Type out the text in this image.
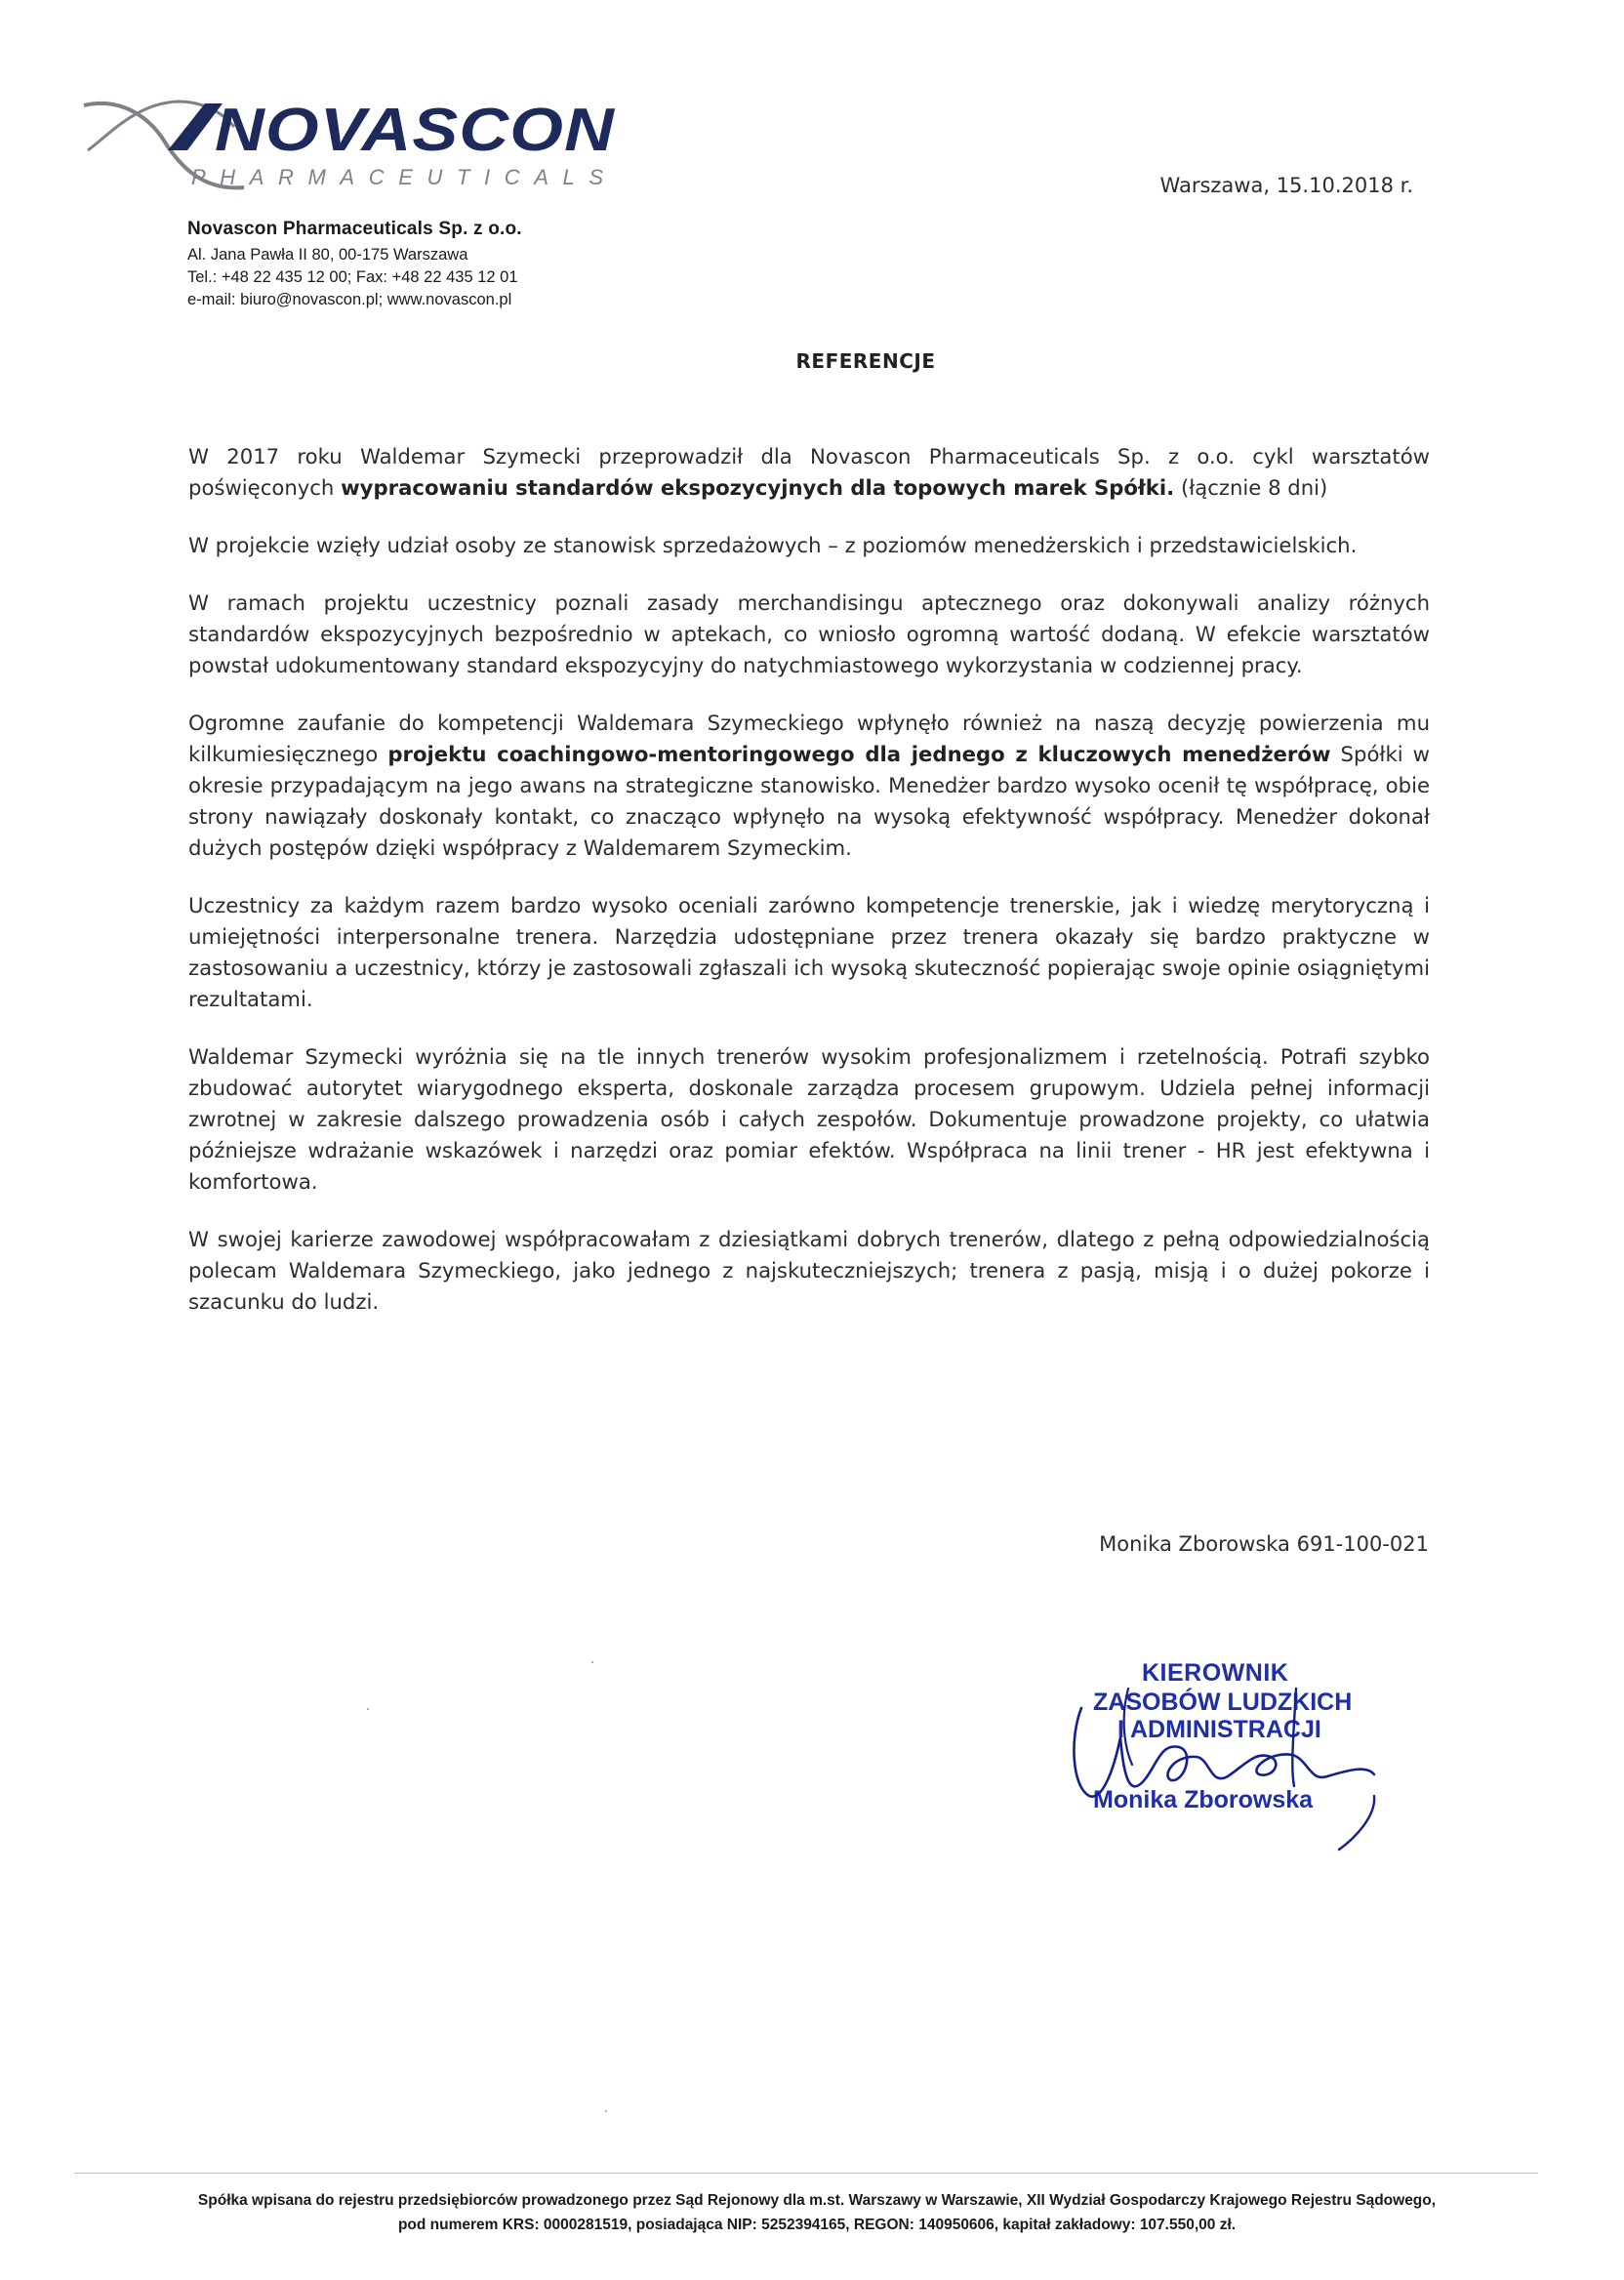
NOVASCON
PHARMACEUTICALS
Novascon Pharmaceuticals Sp. z o.o.
Al. Jana Pawła II 80, 00-175 Warszawa
Tel.: +48 22 435 12 00; Fax: +48 22 435 12 01
e-mail: biuro@novascon.pl; www.novascon.pl
Warszawa, 15.10.2018 r.
REFERENCJE

W 2017 roku Waldemar Szymecki przeprowadził dla Novascon Pharmaceuticals Sp. z o.o. cykl warsztatów poświęconych wypracowaniu standardów ekspozycyjnych dla topowych marek Spółki. (łącznie 8 dni)

W projekcie wzięły udział osoby ze stanowisk sprzedażowych – z poziomów menedżerskich i przedstawicielskich.

W ramach projektu uczestnicy poznali zasady merchandisingu aptecznego oraz dokonywali analizy różnych standardów ekspozycyjnych bezpośrednio w aptekach, co wniosło ogromną wartość dodaną. W efekcie warsztatów powstał udokumentowany standard ekspozycyjny do natychmiastowego wykorzystania w codziennej pracy.

Ogromne zaufanie do kompetencji Waldemara Szymeckiego wpłynęło również na naszą decyzję powierzenia mu kilkumiesięcznego projektu coachingowo-mentoringowego dla jednego z kluczowych menedżerów Spółki w okresie przypadającym na jego awans na strategiczne stanowisko. Menedżer bardzo wysoko ocenił tę współpracę, obie strony nawiązały doskonały kontakt, co znacząco wpłynęło na wysoką efektywność współpracy. Menedżer dokonał dużych postępów dzięki współpracy z Waldemarem Szymeckim.

Uczestnicy za każdym razem bardzo wysoko oceniali zarówno kompetencje trenerskie, jak i wiedzę merytoryczną i umiejętności interpersonalne trenera. Narzędzia udostępniane przez trenera okazały się bardzo praktyczne w zastosowaniu a uczestnicy, którzy je zastosowali zgłaszali ich wysoką skuteczność popierając swoje opinie osiągniętymi rezultatami.

Waldemar Szymecki wyróżnia się na tle innych trenerów wysokim profesjonalizmem i rzetelnością. Potrafi szybko zbudować autorytet wiarygodnego eksperta, doskonale zarządza procesem grupowym. Udziela pełnej informacji zwrotnej w zakresie dalszego prowadzenia osób i całych zespołów. Dokumentuje prowadzone projekty, co ułatwia późniejsze wdrażanie wskazówek i narzędzi oraz pomiar efektów. Współpraca na linii trener - HR jest efektywna i komfortowa.

W swojej karierze zawodowej współpracowałam z dziesiątkami dobrych trenerów, dlatego z pełną odpowiedzialnością polecam Waldemara Szymeckiego, jako jednego z najskuteczniejszych; trenera z pasją, misją i o dużej pokorze i szacunku do ludzi.

Monika Zborowska 691-100-021
KIEROWNIK
ZASOBÓW LUDZKICH
I ADMINISTRACJI
Monika Zborowska
Spółka wpisana do rejestru przedsiębiorców prowadzonego przez Sąd Rejonowy dla m.st. Warszawy w Warszawie, XII Wydział Gospodarczy Krajowego Rejestru Sądowego,
pod numerem KRS: 0000281519, posiadająca NIP: 5252394165, REGON: 140950606, kapitał zakładowy: 107.550,00 zł.
